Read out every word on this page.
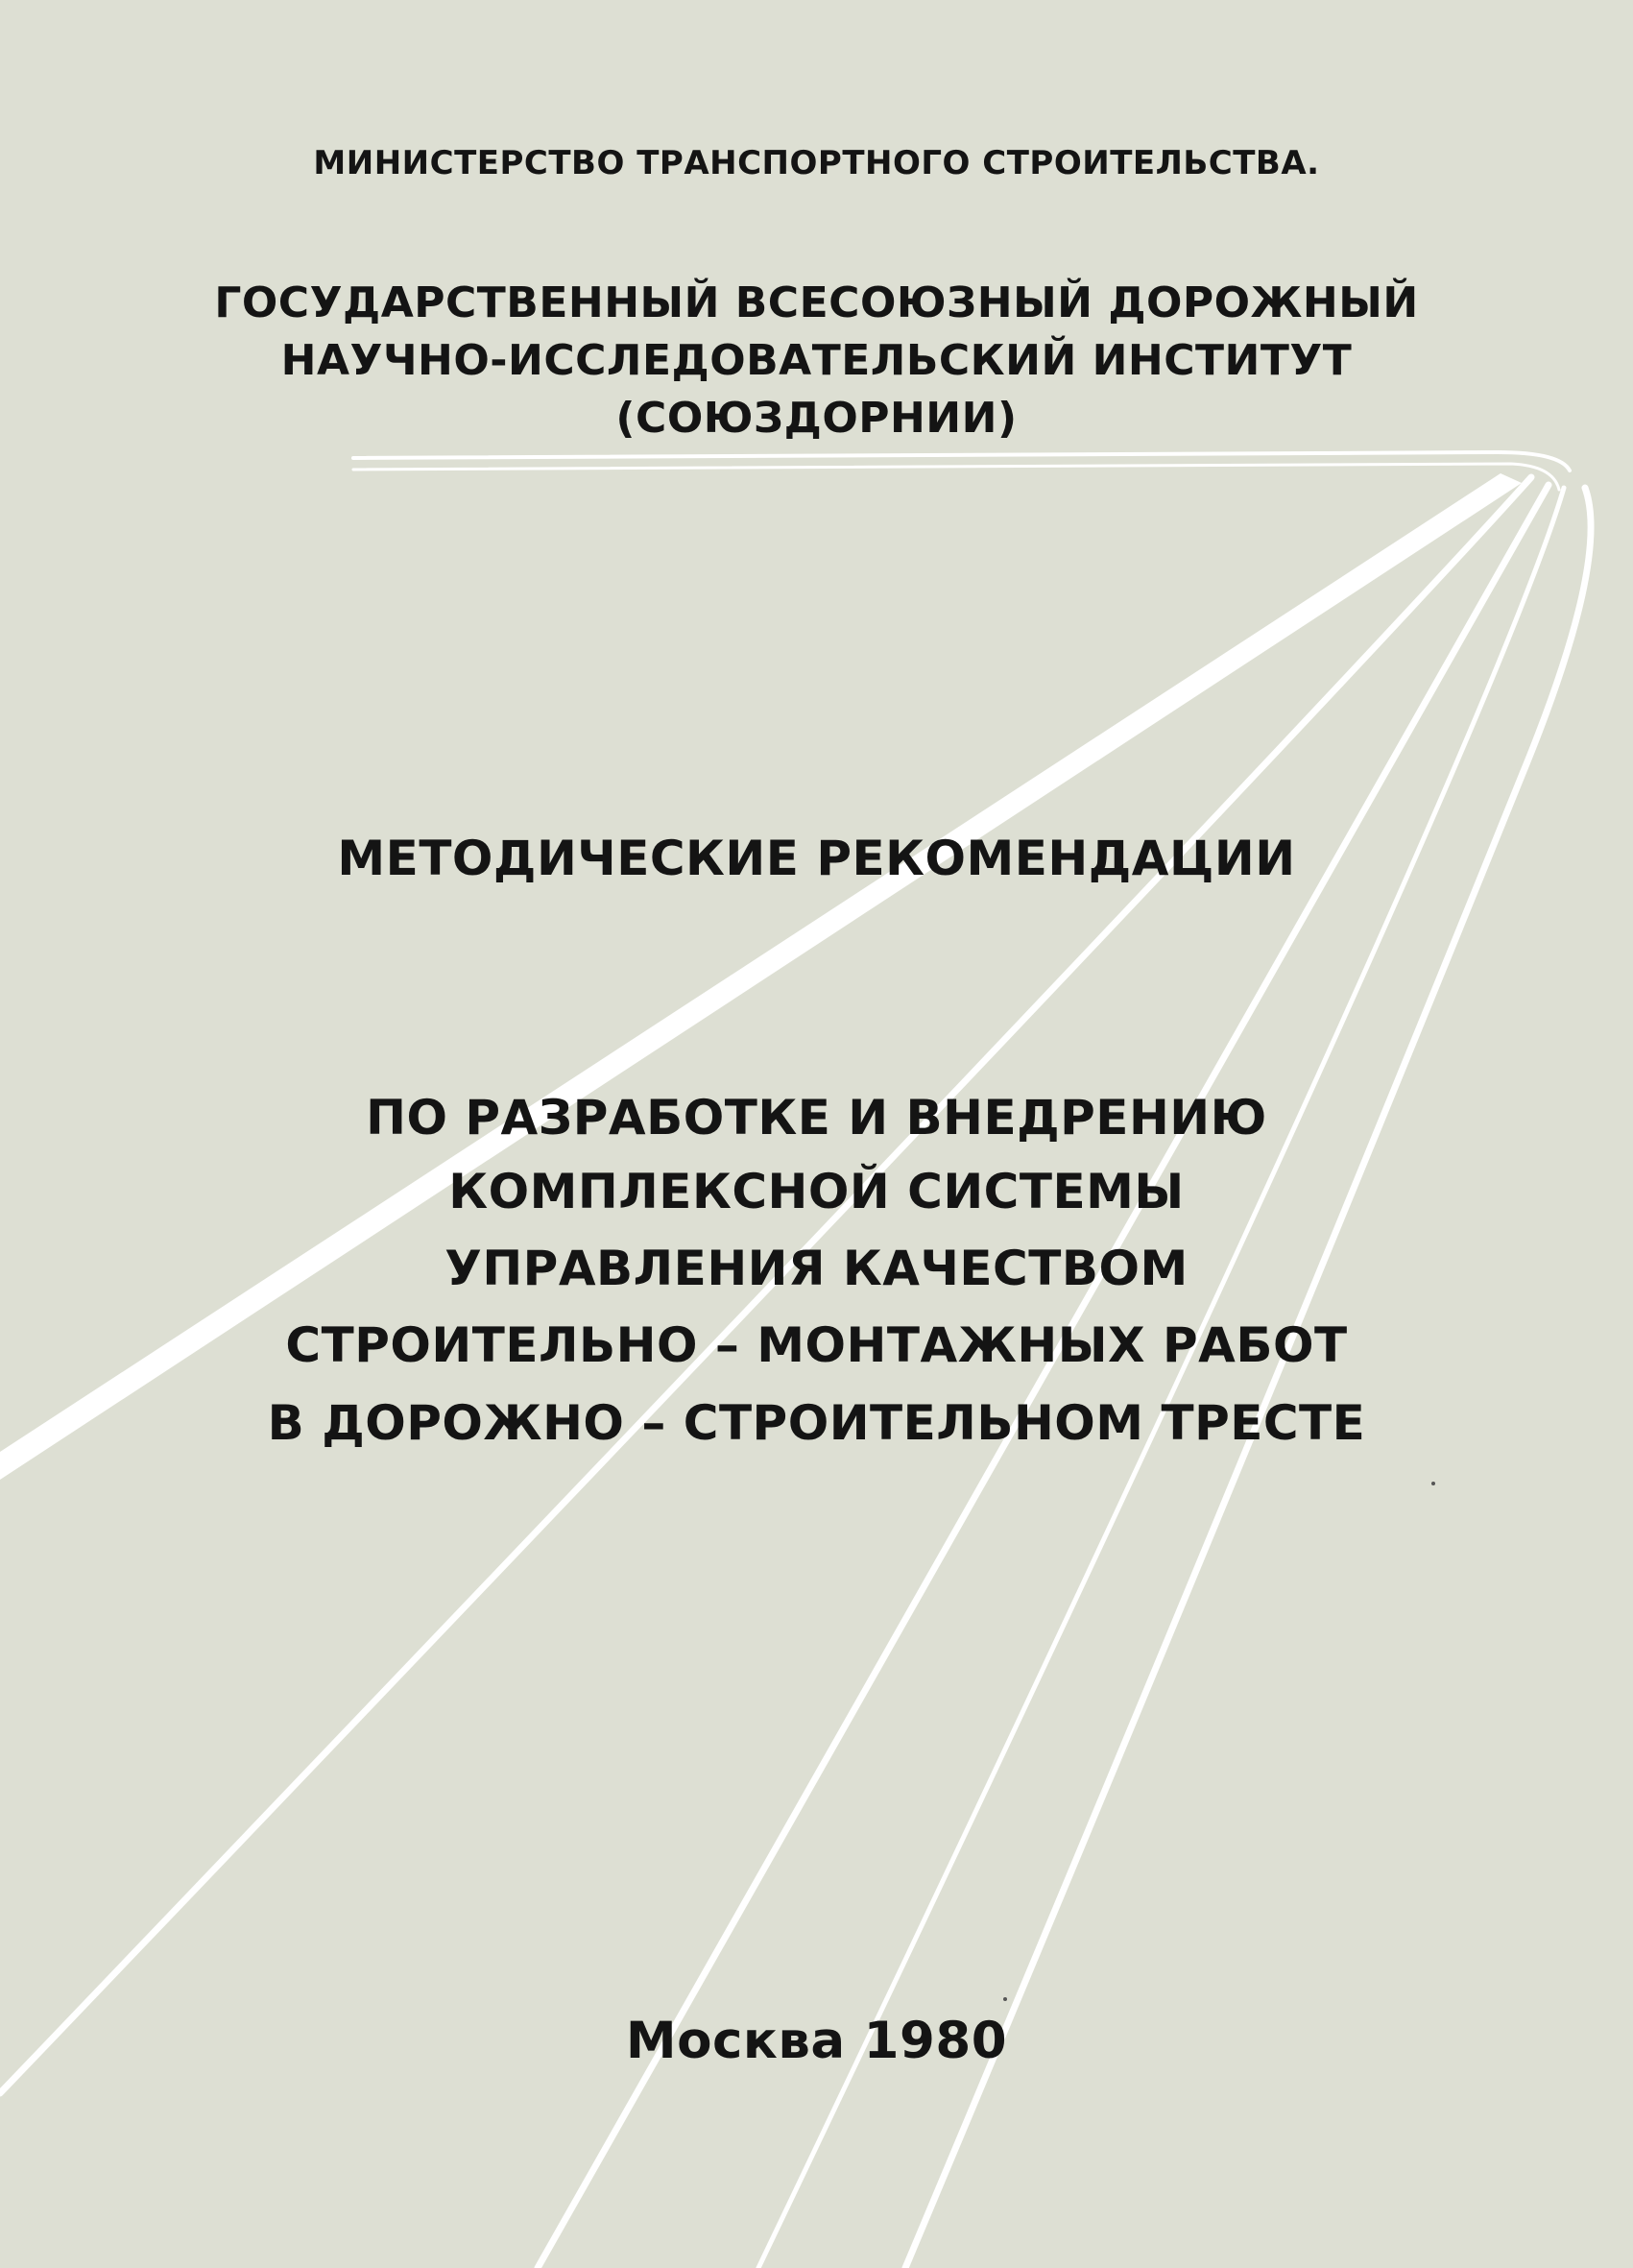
МИНИСТЕРСТВО ТРАНСПОРТНОГО СТРОИТЕЛЬСТВА.
ГОСУДАРСТВЕННЫЙ ВСЕСОЮЗНЫЙ ДОРОЖНЫЙ
НАУЧНО-ИССЛЕДОВАТЕЛЬСКИЙ ИНСТИТУТ
(СОЮЗДОРНИИ)
МЕТОДИЧЕСКИЕ РЕКОМЕНДАЦИИ
ПО РАЗРАБОТКЕ И ВНЕДРЕНИЮ
КОМПЛЕКСНОЙ СИСТЕМЫ
УПРАВЛЕНИЯ КАЧЕСТВОМ
СТРОИТЕЛЬНО – МОНТАЖНЫХ РАБОТ
В ДОРОЖНО – СТРОИТЕЛЬНОМ ТРЕСТЕ
Москва 1980
